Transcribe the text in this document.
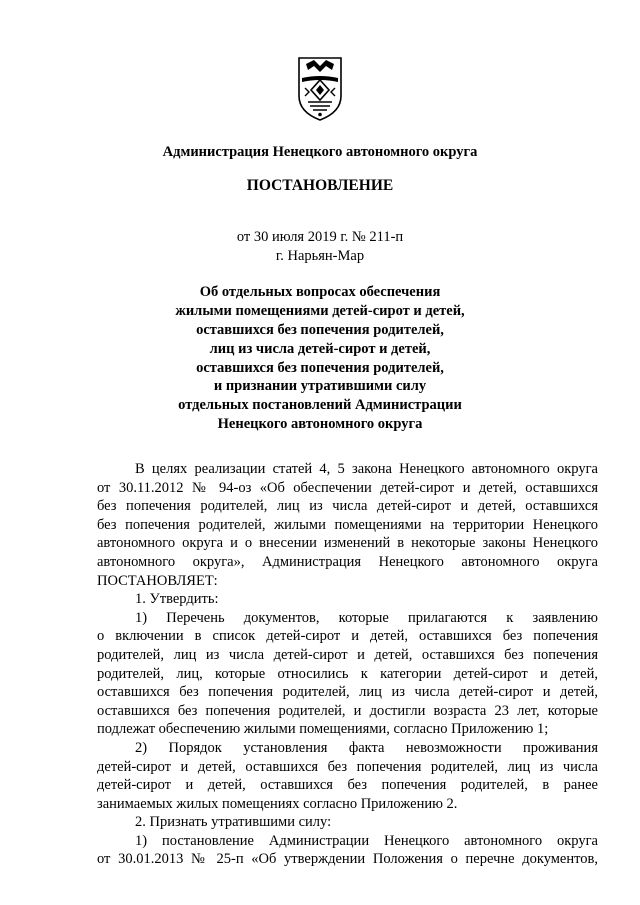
Администрация Ненецкого автономного округа
ПОСТАНОВЛЕНИЕ
от 30 июля 2019 г. № 211-п
г. Нарьян-Мар
Об отдельных вопросах обеспечения
жилыми помещениями детей-сирот и детей,
оставшихся без попечения родителей,
лиц из числа детей-сирот и детей,
оставшихся без попечения родителей,
и признании утратившими силу
отдельных постановлений Администрации
Ненецкого автономного округа
В целях реализации статей 4, 5 закона Ненецкого автономного округа
от 30.11.2012 № 94-оз «Об обеспечении детей-сирот и детей, оставшихся
без попечения родителей, лиц из числа детей-сирот и детей, оставшихся
без попечения родителей, жилыми помещениями на территории Ненецкого
автономного округа и о внесении изменений в некоторые законы Ненецкого
автономного округа», Администрация Ненецкого автономного округа
ПОСТАНОВЛЯЕТ:
1. Утвердить:
1) Перечень документов, которые прилагаются к заявлению
о включении в список детей-сирот и детей, оставшихся без попечения
родителей, лиц из числа детей-сирот и детей, оставшихся без попечения
родителей, лиц, которые относились к категории детей-сирот и детей,
оставшихся без попечения родителей, лиц из числа детей-сирот и детей,
оставшихся без попечения родителей, и достигли возраста 23 лет, которые
подлежат обеспечению жилыми помещениями, согласно Приложению 1;
2) Порядок установления факта невозможности проживания
детей-сирот и детей, оставшихся без попечения родителей, лиц из числа
детей-сирот и детей, оставшихся без попечения родителей, в ранее
занимаемых жилых помещениях согласно Приложению 2.
2. Признать утратившими силу:
1) постановление Администрации Ненецкого автономного округа
от 30.01.2013 № 25-п «Об утверждении Положения о перечне документов,
